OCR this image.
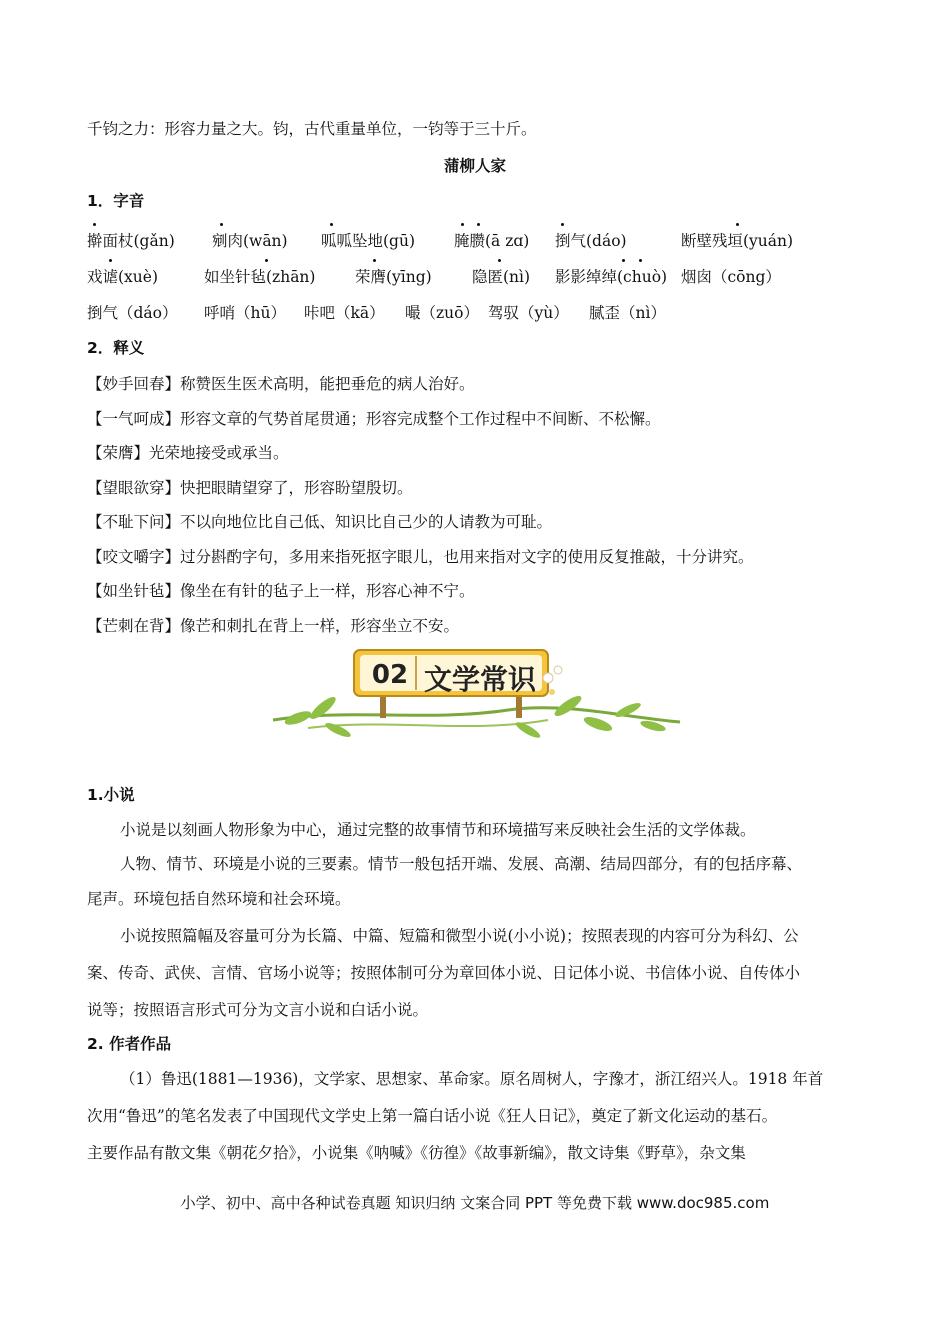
千钧之力：形容力量之大。钧，古代重量单位，一钧等于三十斤。
蒲柳人家
1．字音
擀面杖(gǎn) 剜肉(wān) 呱呱坠地(gū)	腌臜(ā zɑ) 捯气(dáo)	断壁残垣(yuán)
戏谑(xuè)	如坐针毡(zhān)	荣膺(yīng)	隐匿(nì) 影影绰绰(chuò) 烟囱（cōng）
捯气（dáo） 呼哨（hū） 咔吧（kā） 嘬（zuō） 驾驭（yù） 腻歪（nì）
2．释义
【妙手回春】称赞医生医术高明，能把垂危的病人治好。
【一气呵成】形容文章的气势首尾贯通；形容完成整个工作过程中不间断、不松懈。
【荣膺】光荣地接受或承当。
【望眼欲穿】快把眼睛望穿了，形容盼望殷切。
【不耻下问】不以向地位比自己低、知识比自己少的人请教为可耻。
【咬文嚼字】过分斟酌字句，多用来指死抠字眼儿，也用来指对文字的使用反复推敲，十分讲究。
【如坐针毡】像坐在有针的毡子上一样，形容心神不宁。
【芒刺在背】像芒和刺扎在背上一样，形容坐立不安。
02 文学常识
1.小说
小说是以刻画人物形象为中心，通过完整的故事情节和环境描写来反映社会生活的文学体裁。
人物、情节、环境是小说的三要素。情节一般包括开端、发展、高潮、结局四部分，有的包括序幕、
尾声。环境包括自然环境和社会环境。
小说按照篇幅及容量可分为长篇、中篇、短篇和微型小说(小小说)；按照表现的内容可分为科幻、公
案、传奇、武侠、言情、官场小说等；按照体制可分为章回体小说、日记体小说、书信体小说、自传体小
说等；按照语言形式可分为文言小说和白话小说。
2. 作者作品
（1）鲁迅(1881—1936)，文学家、思想家、革命家。原名周树人，字豫才，浙江绍兴人。1918 年首
次用“鲁迅”的笔名发表了中国现代文学史上第一篇白话小说《狂人日记》，奠定了新文化运动的基石。
主要作品有散文集《朝花夕拾》，小说集《呐喊》《彷徨》《故事新编》，散文诗集《野草》，杂文集
小学、初中、高中各种试卷真题 知识归纳 文案合同 PPT 等免费下载 www.doc985.com
